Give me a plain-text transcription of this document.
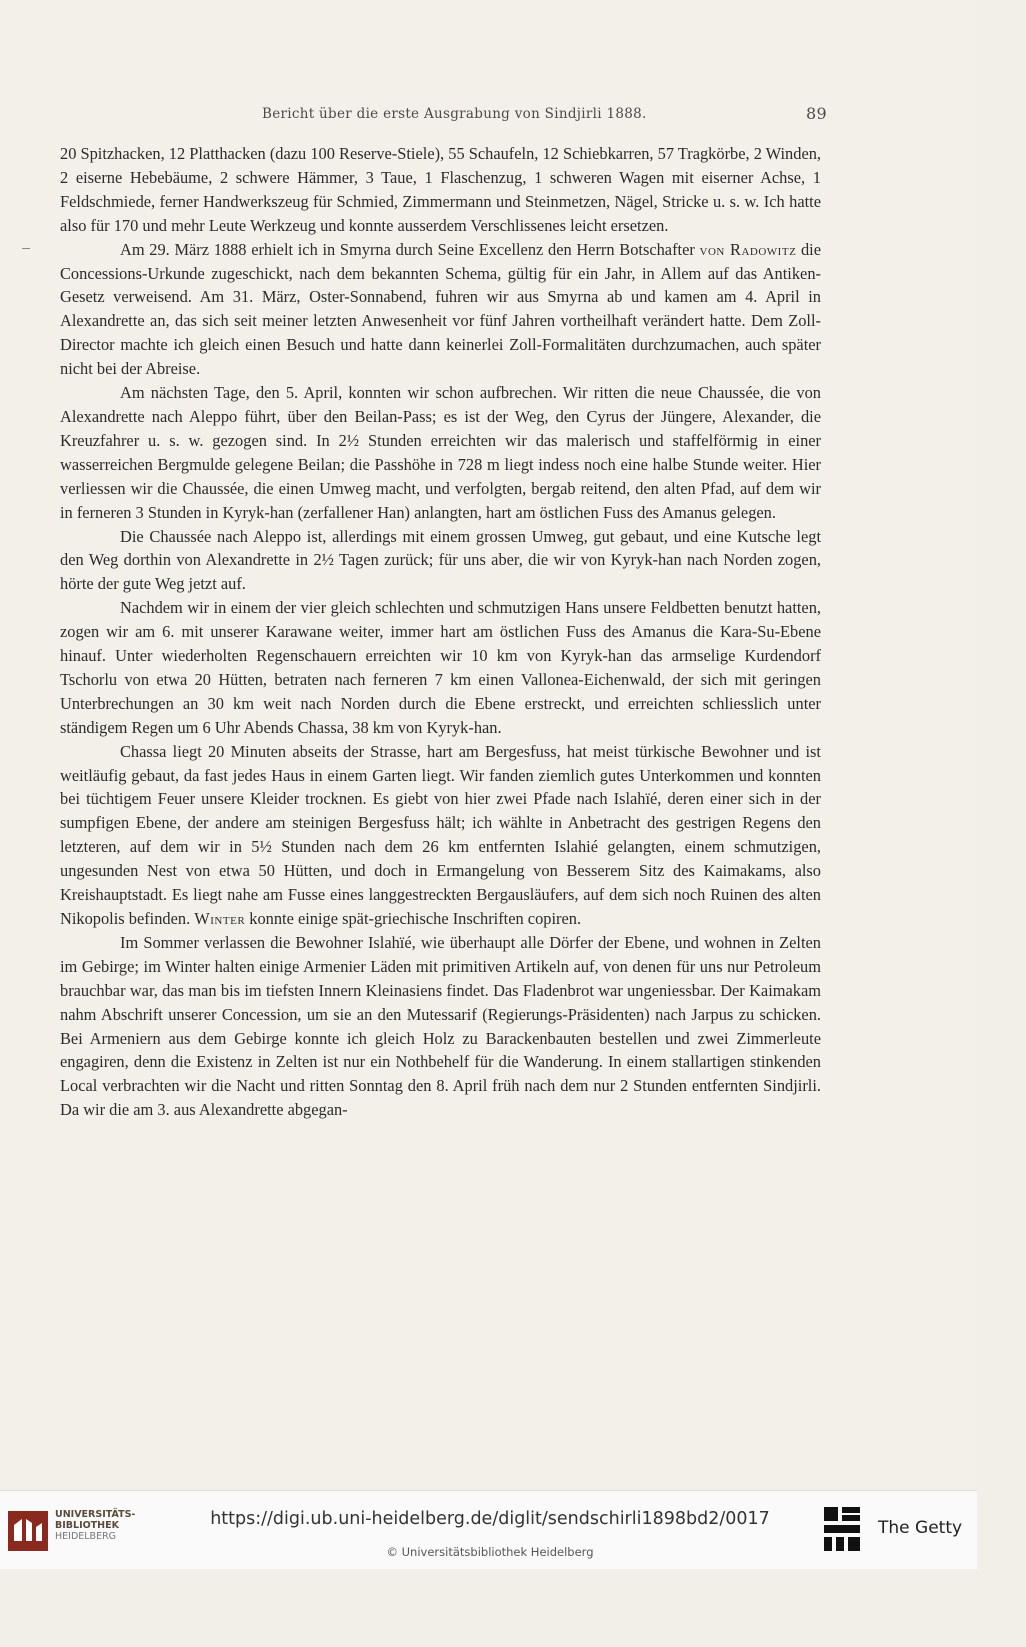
Bericht über die erste Ausgrabung von Sindjirli 1888.	89

20 Spitzhacken, 12 Platthacken (dazu 100 Reserve-Stiele), 55 Schaufeln, 12 Schiebkarren, 57 Tragkörbe, 2 Winden, 2 eiserne Hebebäume, 2 schwere Hämmer, 3 Taue, 1 Flaschenzug, 1 schweren Wagen mit eiserner Achse, 1 Feldschmiede, ferner Handwerkszeug für Schmied, Zimmermann und Steinmetzen, Nägel, Stricke u. s. w. Ich hatte also für 170 und mehr Leute Werkzeug und konnte ausserdem Verschlissenes leicht ersetzen.

Am 29. März 1888 erhielt ich in Smyrna durch Seine Excellenz den Herrn Botschafter von Radowitz die Concessions-Urkunde zugeschickt, nach dem bekannten Schema, gültig für ein Jahr, in Allem auf das Antiken-Gesetz verweisend. Am 31. März, Oster-Sonnabend, fuhren wir aus Smyrna ab und kamen am 4. April in Alexandrette an, das sich seit meiner letzten Anwesenheit vor fünf Jahren vortheilhaft verändert hatte. Dem Zoll-Director machte ich gleich einen Besuch und hatte dann keinerlei Zoll-Formalitäten durchzumachen, auch später nicht bei der Abreise.

Am nächsten Tage, den 5. April, konnten wir schon aufbrechen. Wir ritten die neue Chaussée, die von Alexandrette nach Aleppo führt, über den Beilan-Pass; es ist der Weg, den Cyrus der Jüngere, Alexander, die Kreuzfahrer u. s. w. gezogen sind. In 2½ Stunden erreichten wir das malerisch und staffelförmig in einer wasserreichen Bergmulde gelegene Beilan; die Passhöhe in 728 m liegt indess noch eine halbe Stunde weiter. Hier verliessen wir die Chaussée, die einen Umweg macht, und verfolgten, bergab reitend, den alten Pfad, auf dem wir in ferneren 3 Stunden in Kyryk-han (zerfallener Han) anlangten, hart am östlichen Fuss des Amanus gelegen.

Die Chaussée nach Aleppo ist, allerdings mit einem grossen Umweg, gut gebaut, und eine Kutsche legt den Weg dorthin von Alexandrette in 2½ Tagen zurück; für uns aber, die wir von Kyryk-han nach Norden zogen, hörte der gute Weg jetzt auf.

Nachdem wir in einem der vier gleich schlechten und schmutzigen Hans unsere Feldbetten benutzt hatten, zogen wir am 6. mit unserer Karawane weiter, immer hart am östlichen Fuss des Amanus die Kara-Su-Ebene hinauf. Unter wiederholten Regenschauern erreichten wir 10 km von Kyryk-han das armselige Kurdendorf Tschorlu von etwa 20 Hütten, betraten nach ferneren 7 km einen Vallonea-Eichenwald, der sich mit geringen Unterbrechungen an 30 km weit nach Norden durch die Ebene erstreckt, und erreichten schliesslich unter ständigem Regen um 6 Uhr Abends Chassa, 38 km von Kyryk-han.

Chassa liegt 20 Minuten abseits der Strasse, hart am Bergesfuss, hat meist türkische Bewohner und ist weitläufig gebaut, da fast jedes Haus in einem Garten liegt. Wir fanden ziemlich gutes Unterkommen und konnten bei tüchtigem Feuer unsere Kleider trocknen. Es giebt von hier zwei Pfade nach Islahïé, deren einer sich in der sumpfigen Ebene, der andere am steinigen Bergesfuss hält; ich wählte in Anbetracht des gestrigen Regens den letzteren, auf dem wir in 5½ Stunden nach dem 26 km entfernten Islahié gelangten, einem schmutzigen, ungesunden Nest von etwa 50 Hütten, und doch in Ermangelung von Besserem Sitz des Kaimakams, also Kreishauptstadt. Es liegt nahe am Fusse eines langgestreckten Bergausläufers, auf dem sich noch Ruinen des alten Nikopolis befinden. Winter konnte einige spät-griechische Inschriften copiren.

Im Sommer verlassen die Bewohner Islahïé, wie überhaupt alle Dörfer der Ebene, und wohnen in Zelten im Gebirge; im Winter halten einige Armenier Läden mit primitiven Artikeln auf, von denen für uns nur Petroleum brauchbar war, das man bis im tiefsten Innern Kleinasiens findet. Das Fladenbrot war ungeniessbar. Der Kaimakam nahm Abschrift unserer Concession, um sie an den Mutessarif (Regierungs-Präsidenten) nach Jarpus zu schicken. Bei Armeniern aus dem Gebirge konnte ich gleich Holz zu Barackenbauten bestellen und zwei Zimmerleute engagiren, denn die Existenz in Zelten ist nur ein Nothbehelf für die Wanderung. In einem stallartigen stinkenden Local verbrachten wir die Nacht und ritten Sonntag den 8. April früh nach dem nur 2 Stunden entfernten Sindjirli. Da wir die am 3. aus Alexandrette abgegan-

UNIVERSITÄTS-
BIBLIOTHEK
HEIDELBERG
https://digi.ub.uni-heidelberg.de/diglit/sendschirli1898bd2/0017
© Universitätsbibliothek Heidelberg
The Getty
